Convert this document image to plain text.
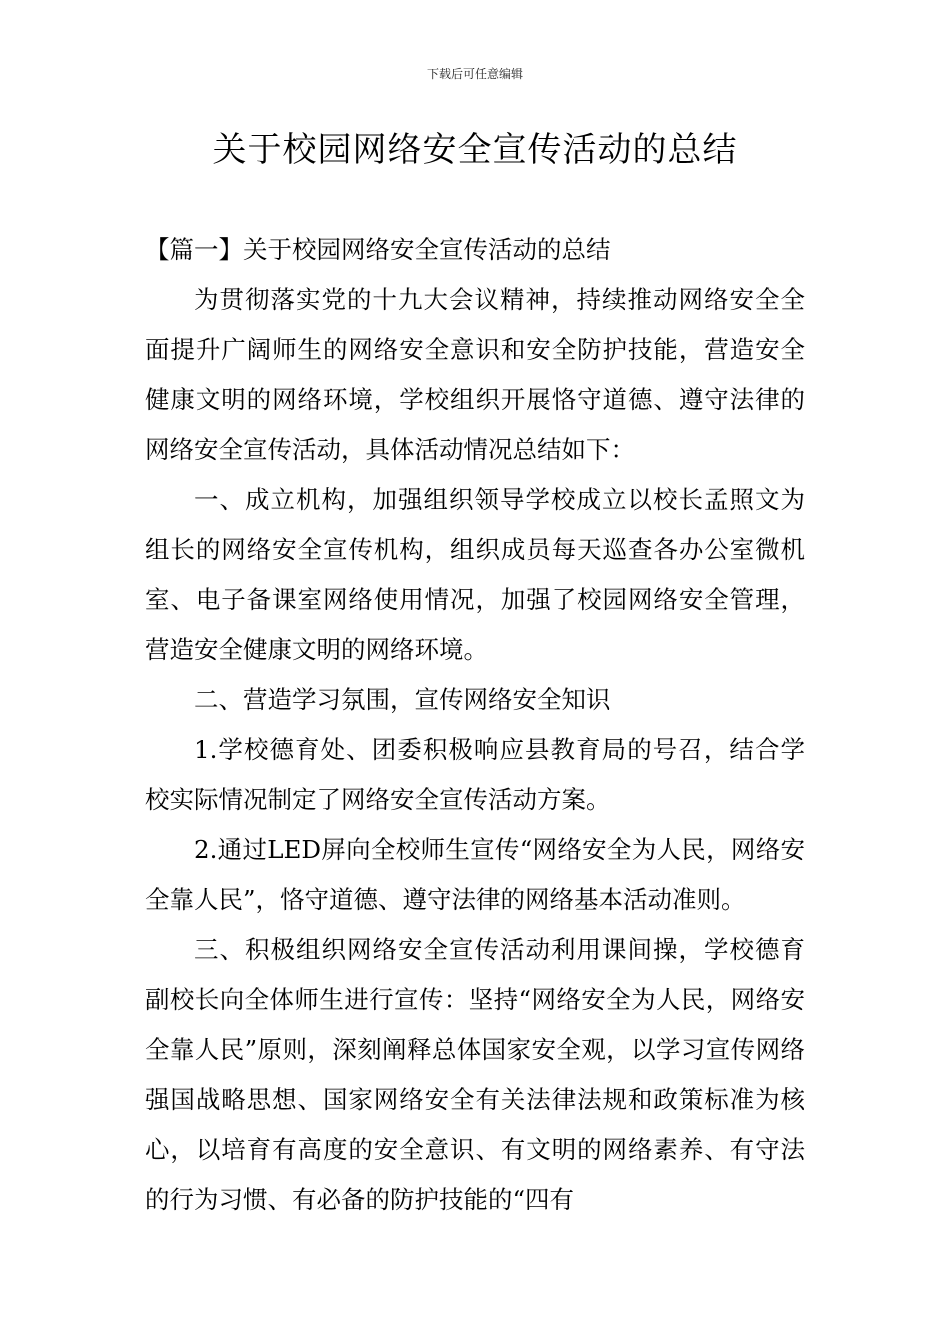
下载后可任意编辑
关于校园网络安全宣传活动的总结

【篇一】关于校园网络安全宣传活动的总结

为贯彻落实党的十九大会议精神，持续推动网络安全全面提升广阔师生的网络安全意识和安全防护技能，营造安全健康文明的网络环境，学校组织开展恪守道德、遵守法律的网络安全宣传活动，具体活动情况总结如下：

一、成立机构，加强组织领导学校成立以校长孟照文为组长的网络安全宣传机构，组织成员每天巡查各办公室微机室、电子备课室网络使用情况，加强了校园网络安全管理，营造安全健康文明的网络环境。

二、营造学习氛围，宣传网络安全知识

1.学校德育处、团委积极响应县教育局的号召，结合学校实际情况制定了网络安全宣传活动方案。

2.通过LED屏向全校师生宣传“网络安全为人民，网络安全靠人民”，恪守道德、遵守法律的网络基本活动准则。

三、积极组织网络安全宣传活动利用课间操，学校德育副校长向全体师生进行宣传：坚持“网络安全为人民，网络安全靠人民”原则，深刻阐释总体国家安全观，以学习宣传网络强国战略思想、国家网络安全有关法律法规和政策标准为核心，以培育有高度的安全意识、有文明的网络素养、有守法的行为习惯、有必备的防护技能的“四有
